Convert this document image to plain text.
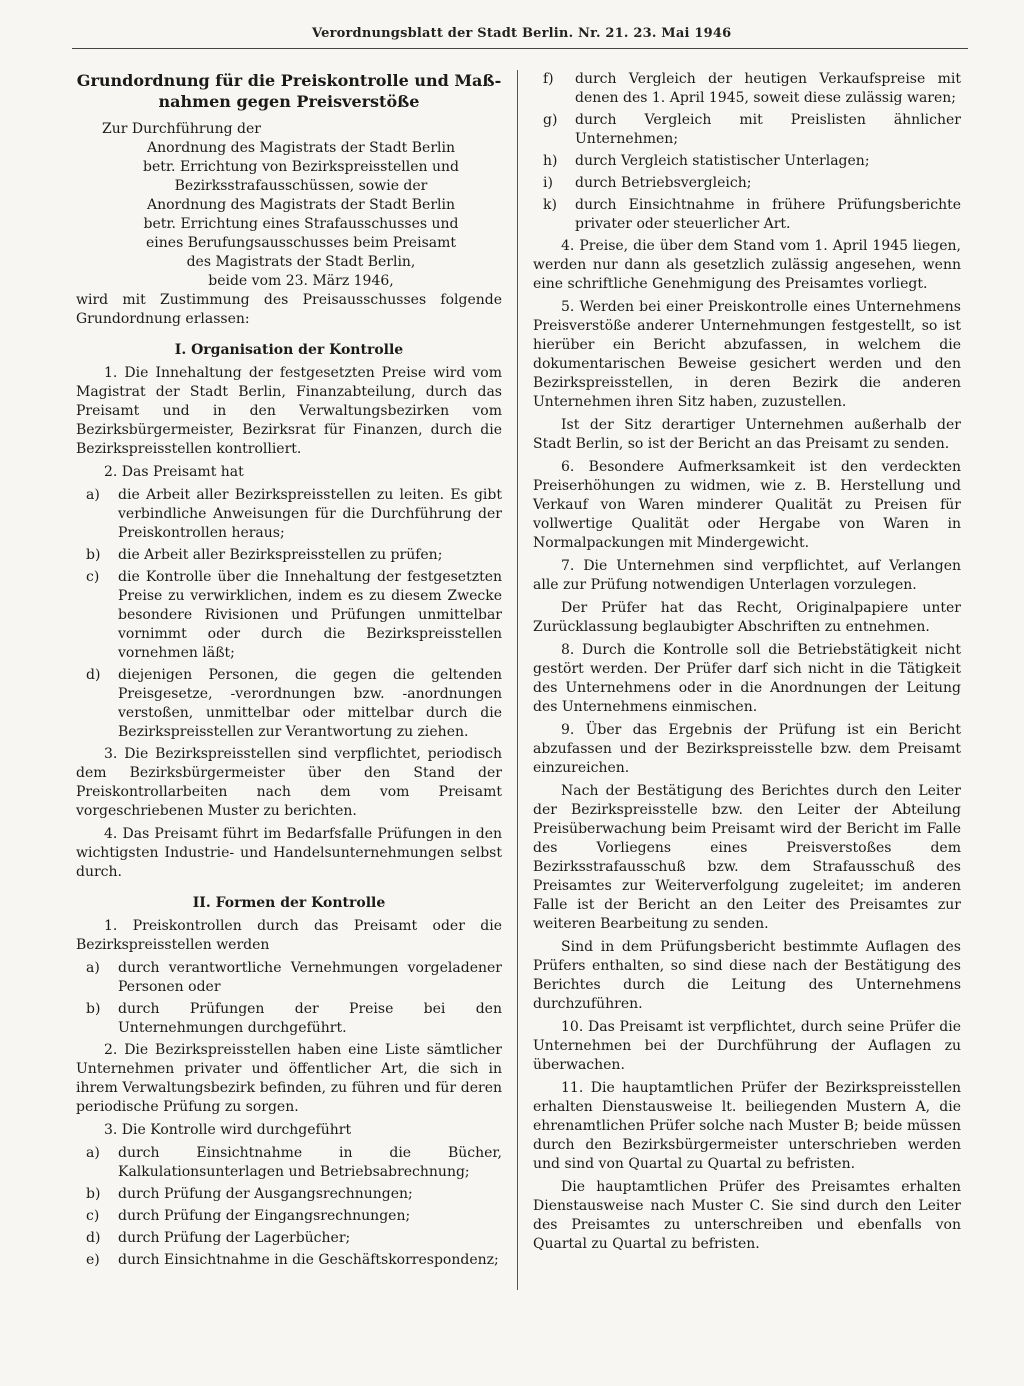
Verordnungsblatt der Stadt Berlin. Nr. 21. 23. Mai 1946

Grundordnung für die Preiskontrolle und Maß-
nahmen gegen Preisverstöße

Zur Durchführung der

Anordnung des Magistrats der Stadt Berlin
betr. Errichtung von Bezirkspreisstellen und
Bezirksstrafausschüssen, sowie der
Anordnung des Magistrats der Stadt Berlin
betr. Errichtung eines Strafausschusses und
eines Berufungsausschusses beim Preisamt
des Magistrats der Stadt Berlin,
beide vom 23. März 1946,

wird mit Zustimmung des Preisausschusses folgende Grundordnung erlassen:

I. Organisation der Kontrolle

1. Die Innehaltung der festgesetzten Preise wird vom Magistrat der Stadt Berlin, Finanzabteilung, durch das Preisamt und in den Verwaltungsbezirken vom Bezirksbürgermeister, Bezirksrat für Finanzen, durch die Bezirkspreisstellen kontrolliert.

2. Das Preisamt hat

a)	die Arbeit aller Bezirkspreisstellen zu leiten. Es gibt verbindliche Anweisungen für die Durchführung der Preiskontrollen heraus;
b)	die Arbeit aller Bezirkspreisstellen zu prüfen;
c)	die Kontrolle über die Innehaltung der festgesetzten Preise zu verwirklichen, indem es zu diesem Zwecke besondere Rivisionen und Prüfungen unmittelbar vornimmt oder durch die Bezirkspreisstellen vornehmen läßt;
d)	diejenigen Personen, die gegen die geltenden Preisgesetze, -verordnungen bzw. -anordnungen verstoßen, unmittelbar oder mittelbar durch die Bezirkspreisstellen zur Verantwortung zu ziehen.

3. Die Bezirkspreisstellen sind verpflichtet, periodisch dem Bezirksbürgermeister über den Stand der Preiskontrollarbeiten nach dem vom Preisamt vorgeschriebenen Muster zu berichten.

4. Das Preisamt führt im Bedarfsfalle Prüfungen in den wichtigsten Industrie- und Handelsunternehmungen selbst durch.

II. Formen der Kontrolle

1. Preiskontrollen durch das Preisamt oder die Bezirkspreisstellen werden

a)	durch verantwortliche Vernehmungen vorgeladener Personen oder
b)	durch Prüfungen der Preise bei den Unternehmungen durchgeführt.

2. Die Bezirkspreisstellen haben eine Liste sämtlicher Unternehmen privater und öffentlicher Art, die sich in ihrem Verwaltungsbezirk befinden, zu führen und für deren periodische Prüfung zu sorgen.

3. Die Kontrolle wird durchgeführt

a)	durch Einsichtnahme in die Bücher, Kalkulationsunterlagen und Betriebsabrechnung;
b)	durch Prüfung der Ausgangsrechnungen;
c)	durch Prüfung der Eingangsrechnungen;
d)	durch Prüfung der Lagerbücher;
e)	durch Einsichtnahme in die Geschäftskorrespondenz;
f)	durch Vergleich der heutigen Verkaufspreise mit denen des 1. April 1945, soweit diese zulässig waren;
g)	durch Vergleich mit Preislisten ähnlicher Unternehmen;
h)	durch Vergleich statistischer Unterlagen;
i)	durch Betriebsvergleich;
k)	durch Einsichtnahme in frühere Prüfungsberichte privater oder steuerlicher Art.

4. Preise, die über dem Stand vom 1. April 1945 liegen, werden nur dann als gesetzlich zulässig angesehen, wenn eine schriftliche Genehmigung des Preisamtes vorliegt.

5. Werden bei einer Preiskontrolle eines Unternehmens Preisverstöße anderer Unternehmungen festgestellt, so ist hierüber ein Bericht abzufassen, in welchem die dokumentarischen Beweise gesichert werden und den Bezirkspreisstellen, in deren Bezirk die anderen Unternehmen ihren Sitz haben, zuzustellen.

Ist der Sitz derartiger Unternehmen außerhalb der Stadt Berlin, so ist der Bericht an das Preisamt zu senden.

6. Besondere Aufmerksamkeit ist den verdeckten Preiserhöhungen zu widmen, wie z. B. Herstellung und Verkauf von Waren minderer Qualität zu Preisen für vollwertige Qualität oder Hergabe von Waren in Normalpackungen mit Mindergewicht.

7. Die Unternehmen sind verpflichtet, auf Verlangen alle zur Prüfung notwendigen Unterlagen vorzulegen.

Der Prüfer hat das Recht, Originalpapiere unter Zurücklassung beglaubigter Abschriften zu entnehmen.

8. Durch die Kontrolle soll die Betriebstätigkeit nicht gestört werden. Der Prüfer darf sich nicht in die Tätigkeit des Unternehmens oder in die Anordnungen der Leitung des Unternehmens einmischen.

9. Über das Ergebnis der Prüfung ist ein Bericht abzufassen und der Bezirkspreisstelle bzw. dem Preisamt einzureichen.

Nach der Bestätigung des Berichtes durch den Leiter der Bezirkspreisstelle bzw. den Leiter der Abteilung Preisüberwachung beim Preisamt wird der Bericht im Falle des Vorliegens eines Preisverstoßes dem Bezirksstrafausschuß bzw. dem Strafausschuß des Preisamtes zur Weiterverfolgung zugeleitet; im anderen Falle ist der Bericht an den Leiter des Preisamtes zur weiteren Bearbeitung zu senden.

Sind in dem Prüfungsbericht bestimmte Auflagen des Prüfers enthalten, so sind diese nach der Bestätigung des Berichtes durch die Leitung des Unternehmens durchzuführen.

10. Das Preisamt ist verpflichtet, durch seine Prüfer die Unternehmen bei der Durchführung der Auflagen zu überwachen.

11. Die hauptamtlichen Prüfer der Bezirkspreisstellen erhalten Dienstausweise lt. beiliegenden Mustern A, die ehrenamtlichen Prüfer solche nach Muster B; beide müssen durch den Bezirksbürgermeister unterschrieben werden und sind von Quartal zu Quartal zu befristen.

Die hauptamtlichen Prüfer des Preisamtes erhalten Dienstausweise nach Muster C. Sie sind durch den Leiter des Preisamtes zu unterschreiben und ebenfalls von Quartal zu Quartal zu befristen.
